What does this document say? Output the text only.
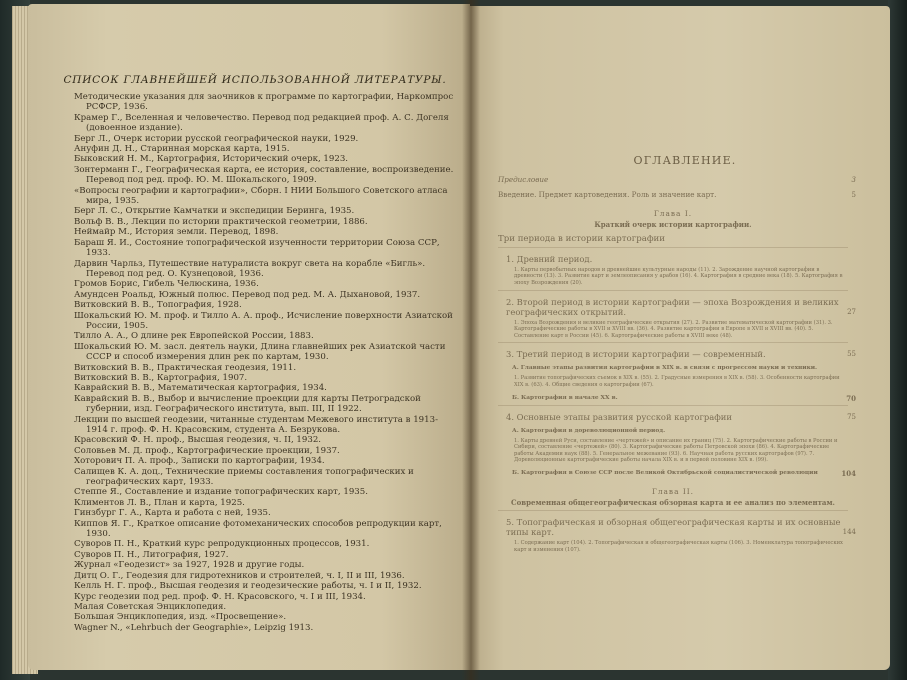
СПИСОК ГЛАВНЕЙШЕЙ ИСПОЛЬЗОВАННОЙ ЛИТЕРАТУРЫ.
Методические указания для заочников к программе по картографии, Наркомпрос РСФСР, 1936.
Крамер Г., Вселенная и человечество. Перевод под редакцией проф. А. С. Догеля (довоенное издание).
Берг Л., Очерк истории русской географической науки, 1929.
Ануфин Д. Н., Старинная морская карта, 1915.
Быковский Н. М., Картография, Исторический очерк, 1923.
Зонтерманн Г., Географическая карта, ее история, составление, воспроизведение. Перевод под ред. проф. Ю. М. Шокальского, 1909.
«Вопросы географии и картографии», Сборн. I НИИ Большого Советского атласа мира, 1935.
Берг Л. С., Открытие Камчатки и экспедиции Беринга, 1935.
Вольф В. В., Лекции по истории практической геометрии, 1886.
Неймайр М., История земли. Перевод, 1898.
Бараш Я. И., Состояние топографической изученности территории Союза ССР, 1933.
Дарвин Чарльз, Путешествие натуралиста вокруг света на корабле «Бигль». Перевод под ред. О. Кузнецовой, 1936.
Громов Борис, Гибель Челюскина, 1936.
Амундсен Роальд, Южный полюс. Перевод под ред. М. А. Дыхановой, 1937.
Витковский В. В., Топография, 1928.
Шокальский Ю. М. проф. и Тилло А. А. проф., Исчисление поверхности Азиатской России, 1905.
Тилло А. А., О длине рек Европейской России, 1883.
Шокальский Ю. М. засл. деятель науки, Длина главнейших рек Азиатской части СССР и способ измерения длин рек по картам, 1930.
Витковский В. В., Практическая геодезия, 1911.
Витковский В. В., Картография, 1907.
Каврайский В. В., Математическая картография, 1934.
Каврайский В. В., Выбор и вычисление проекции для карты Петроградской губернии, изд. Географического института, вып. III, II 1922.
Лекции по высшей геодезии, читанные студентам Межевого института в 1913-1914 г. проф. Ф. Н. Красовским, студента А. Безрукова.
Красовский Ф. Н. проф., Высшая геодезия, ч. II, 1932.
Соловьев М. Д. проф., Картографические проекции, 1937.
Хоторович П. А. проф., Записки по картографии, 1934.
Салищев К. А. доц., Технические приемы составления топографических и географических карт, 1933.
Степпе Я., Составление и издание топографических карт, 1935.
Климентов Л. В., План и карта, 1925.
Гинзбург Г. А., Карта и работа с ней, 1935.
Киппов Я. Г., Краткое описание фотомеханических способов репродукции карт, 1930.
Суворов П. Н., Краткий курс репродукционных процессов, 1931.
Суворов П. Н., Литография, 1927.
Журнал «Геодезист» за 1927, 1928 и другие годы.
Дитц О. Г., Геодезия для гидротехников и строителей, ч. I, II и III, 1936.
Келль Н. Г. проф., Высшая геодезия и геодезические работы, ч. I и II, 1932.
Курс геодезии под ред. проф. Ф. Н. Красовского, ч. I и III, 1934.
Малая Советская Энциклопедия.
Большая Энциклопедия, изд. «Просвещение».
Wagner N., «Lehrbuch der Geographie», Leipzig 1913.
ОГЛАВЛЕНИЕ.
Предисловие	3
Введение. Предмет картоведения. Роль и значение карт.	5
Глава I.
Краткий очерк истории картографии.
Три периода в истории картографии
1. Древний период.
1. Карты первобытных народов и древнейшие культурные народы (11). 2. Зарождение научной картографии в древности (13). 3. Развитие карт и землеописания у арабов (16). 4. Картография в средние века (18). 5. Картография в эпоху Возрождения (20).
2. Второй период в истории картографии — эпоха Возрождения и великих географических открытий.	27
1. Эпоха Возрождения и великие географические открытия (27). 2. Развитие математической картографии (31). 3. Картографические работы в XVII и XVIII вв. (36). 4. Развитие картографии в Европе в XVII и XVIII вв. (40). 5. Составление карт в России (45). 6. Картографические работы в XVIII веке (48).
3. Третий период в истории картографии — современный.	55
А. Главные этапы развития картографии в XIX в. в связи с прогрессом науки и техники.
1. Развитие топографических съемок в XIX в. (55). 2. Градусные измерения в XIX в. (58). 3. Особенности картографии XIX в. (63). 4. Общие сведения о картографии (67).
Б. Картография в начале XX в.	70
4. Основные этапы развития русской картографии	75
А. Картография в дореволюционной период.
1. Карты древней Руси, составление «чертежей» и описание их границ (75). 2. Картографические работы в России и Сибири, составление «чертежей» (80). 3. Картографические работы Петровской эпохи (86). 4. Картографические работы Академии наук (88). 5. Генеральное межевание (93). 6. Научная работа русских картографов (97). 7. Дореволюционные картографические работы начала XIX в. и в первой половине XIX в. (99).
Б. Картография в Союзе ССР после Великой Октябрьской социалистической революции	104
Глава II.
Современная общегеографическая обзорная карта и ее анализ по элементам.
5. Топографическая и обзорная общегеографическая карты и их основные типы карт.	144
1. Содержание карт (104). 2. Топографическая и общегеографическая карты (106). 3. Номенклатура топографических карт и изменения (107).
